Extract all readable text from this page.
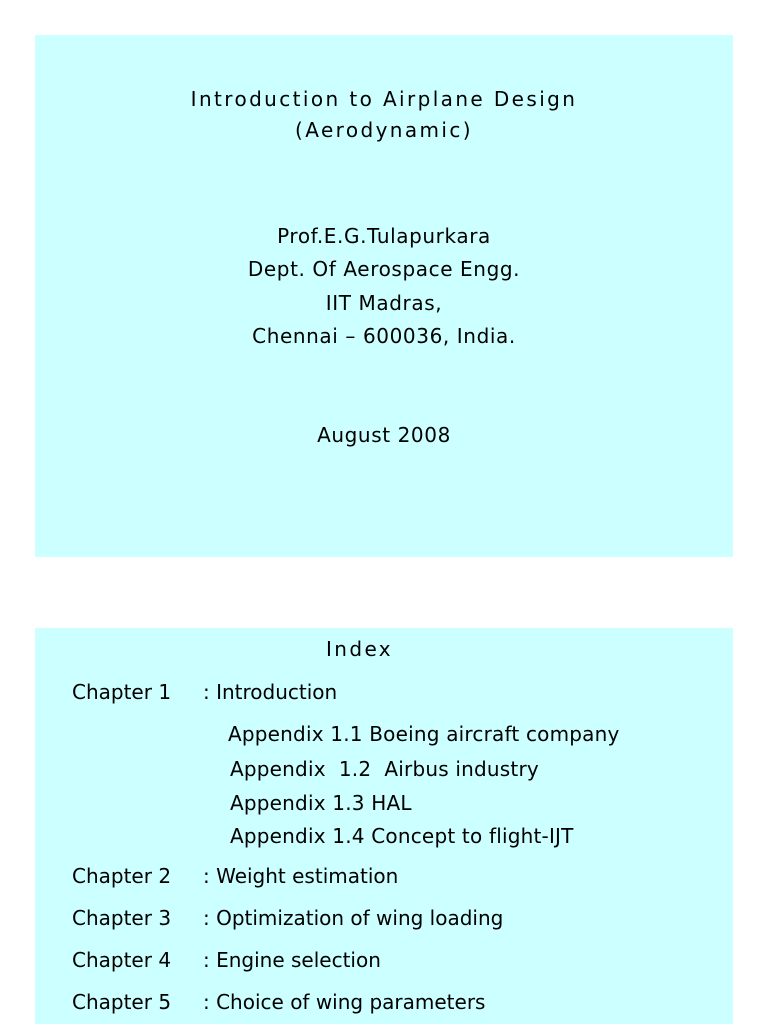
Introduction to Airplane Design
(Aerodynamic)
Prof.E.G.Tulapurkara
Dept. Of Aerospace Engg.
IIT Madras,
Chennai – 600036, India.
August 2008
Index
Chapter 1	: Introduction
Appendix 1.1 Boeing aircraft company
Appendix  1.2  Airbus industry
Appendix 1.3 HAL
Appendix 1.4 Concept to flight-IJT
Chapter 2	: Weight estimation
Chapter 3	: Optimization of wing loading
Chapter 4	: Engine selection
Chapter 5	: Choice of wing parameters
